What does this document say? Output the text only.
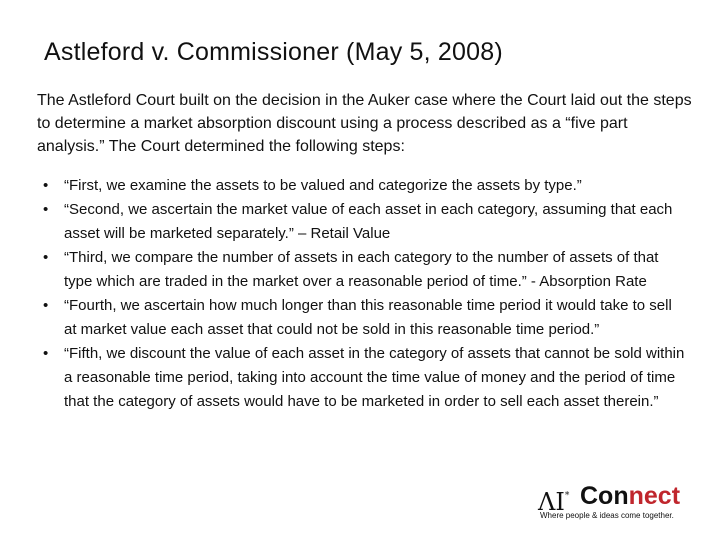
Astleford v. Commissioner (May 5, 2008)

The Astleford Court built on the decision in the Auker case where the Court laid out the steps to determine a market absorption discount using a process described as a “five part analysis.” The Court determined the following steps:

• “First, we examine the assets to be valued and categorize the assets by type.”
• “Second, we ascertain the market value of each asset in each category, assuming that each asset will be marketed separately.” – Retail Value
• “Third, we compare the number of assets in each category to the number of assets of that type which are traded in the market over a reasonable period of time.” - Absorption Rate
• “Fourth, we ascertain how much longer than this reasonable time period it would take to sell at market value each asset that could not be sold in this reasonable time period.”
• “Fifth, we discount the value of each asset in the category of assets that cannot be sold within a reasonable time period, taking into account the time value of money and the period of time that the category of assets would have to be marketed in order to sell each asset therein.”
ΛI* Connect
Where people & ideas come together.
